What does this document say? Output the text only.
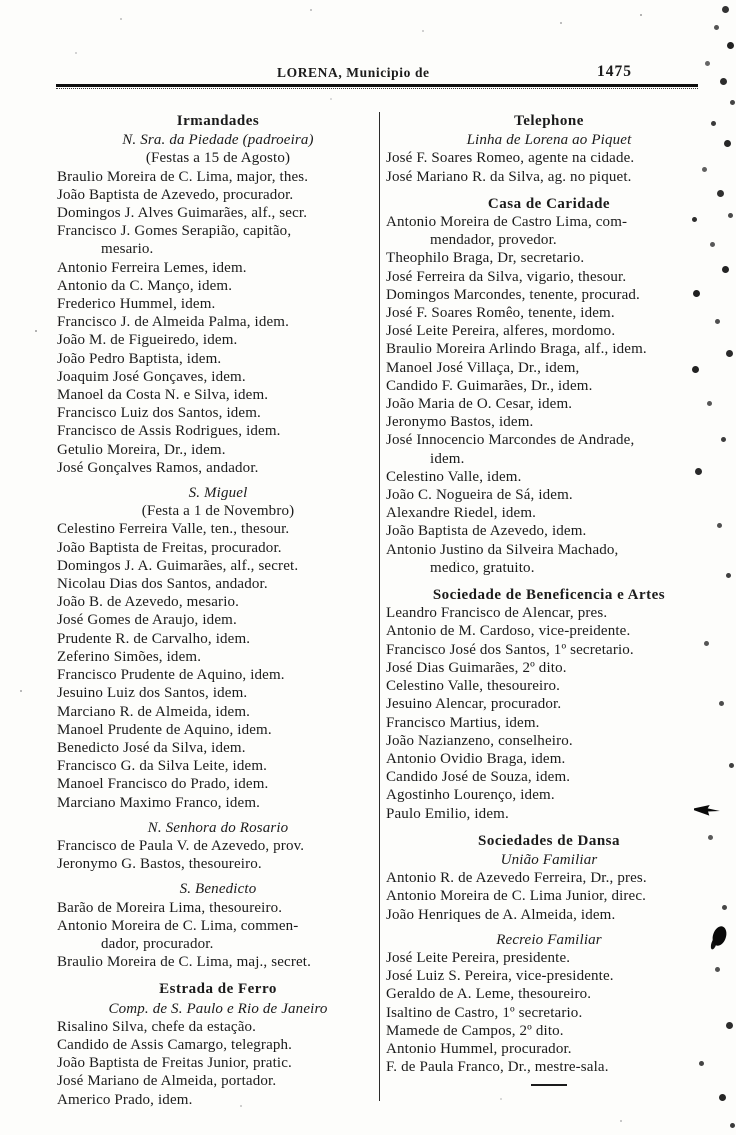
LORENA, Municipio de	1475
Irmandades
N. Sra. da Piedade (padroeira)
(Festas a 15 de Agosto)
Braulio Moreira de C. Lima, major, thes.
João Baptista de Azevedo, procurador.
Domingos J. Alves Guimarães, alf., secr.
Francisco J. Gomes Serapião, capitão,
mesario.
Antonio Ferreira Lemes, idem.
Antonio da C. Manço, idem.
Frederico Hummel, idem.
Francisco J. de Almeida Palma, idem.
João M. de Figueiredo, idem.
João Pedro Baptista, idem.
Joaquim José Gonçaves, idem.
Manoel da Costa N. e Silva, idem.
Francisco Luiz dos Santos, idem.
Francisco de Assis Rodrigues, idem.
Getulio Moreira, Dr., idem.
José Gonçalves Ramos, andador.
S. Miguel
(Festa a 1 de Novembro)
Celestino Ferreira Valle, ten., thesour.
João Baptista de Freitas, procurador.
Domingos J. A. Guimarães, alf., secret.
Nicolau Dias dos Santos, andador.
João B. de Azevedo, mesario.
José Gomes de Araujo, idem.
Prudente R. de Carvalho, idem.
Zeferino Simões, idem.
Francisco Prudente de Aquino, idem.
Jesuino Luiz dos Santos, idem.
Marciano R. de Almeida, idem.
Manoel Prudente de Aquino, idem.
Benedicto José da Silva, idem.
Francisco G. da Silva Leite, idem.
Manoel Francisco do Prado, idem.
Marciano Maximo Franco, idem.
N. Senhora do Rosario
Francisco de Paula V. de Azevedo, prov.
Jeronymo G. Bastos, thesoureiro.
S. Benedicto
Barão de Moreira Lima, thesoureiro.
Antonio Moreira de C. Lima, commen-
dador, procurador.
Braulio Moreira de C. Lima, maj., secret.
Estrada de Ferro
Comp. de S. Paulo e Rio de Janeiro
Risalino Silva, chefe da estação.
Candido de Assis Camargo, telegraph.
João Baptista de Freitas Junior, pratic.
José Mariano de Almeida, portador.
Americo Prado, idem.
Telephone
Linha de Lorena ao Piquet
José F. Soares Romeo, agente na cidade.
José Mariano R. da Silva, ag. no piquet.
Casa de Caridade
Antonio Moreira de Castro Lima, com-
mendador, provedor.
Theophilo Braga, Dr, secretario.
José Ferreira da Silva, vigario, thesour.
Domingos Marcondes, tenente, procurad.
José F. Soares Romêo, tenente, idem.
José Leite Pereira, alferes, mordomo.
Braulio Moreira Arlindo Braga, alf., idem.
Manoel José Villaça, Dr., idem,
Candido F. Guimarães, Dr., idem.
João Maria de O. Cesar, idem.
Jeronymo Bastos, idem.
José Innocencio Marcondes de Andrade,
idem.
Celestino Valle, idem.
João C. Nogueira de Sá, idem.
Alexandre Riedel, idem.
João Baptista de Azevedo, idem.
Antonio Justino da Silveira Machado,
medico, gratuito.
Sociedade de Beneficencia e Artes
Leandro Francisco de Alencar, pres.
Antonio de M. Cardoso, vice-preidente.
Francisco José dos Santos, 1º secretario.
José Dias Guimarães, 2º dito.
Celestino Valle, thesoureiro.
Jesuino Alencar, procurador.
Francisco Martius, idem.
João Nazianzeno, conselheiro.
Antonio Ovidio Braga, idem.
Candido José de Souza, idem.
Agostinho Lourenço, idem.
Paulo Emilio, idem.
Sociedades de Dansa
União Familiar
Antonio R. de Azevedo Ferreira, Dr., pres.
Antonio Moreira de C. Lima Junior, direc.
João Henriques de A. Almeida, idem.
Recreio Familiar
José Leite Pereira, presidente.
José Luiz S. Pereira, vice-presidente.
Geraldo de A. Leme, thesoureiro.
Isaltino de Castro, 1º secretario.
Mamede de Campos, 2º dito.
Antonio Hummel, procurador.
F. de Paula Franco, Dr., mestre-sala.
